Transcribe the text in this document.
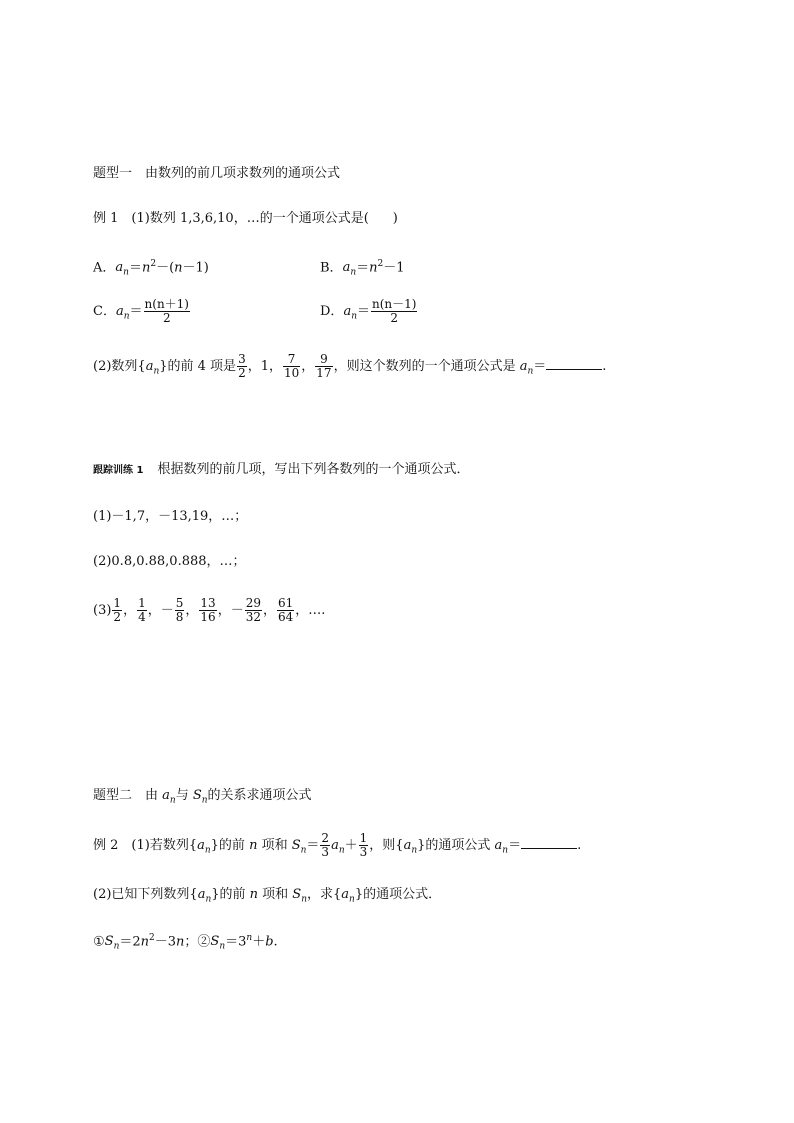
题型一　由数列的前几项求数列的通项公式
例 1　(1)数列 1,3,6,10，…的一个通项公式是( )
A．$a_n=n^2-(n-1)$	B．$a_n=n^2-1$
C．$a_n= \frac{n(n+1)}{2}$	D．$a_n= \frac{n(n-1)}{2}$
(2)数列$\{a_n\}$的前 4 项是 $\frac{3}{2}$ ，1， $\frac{7}{10}$ ， $\frac{9}{17}$ ，则这个数列的一个通项公式是 $a_n=$	.
跟踪训练 1 根据数列的前几项，写出下列各数列的一个通项公式．
(1)－1,7，－13,19，…；
(2)0.8,0.88,0.888，…；
$(3) \frac{1}{2}$ ， $\frac{1}{4}$ ，－ $\frac{5}{8}$ ， $\frac{13}{16}$ ，－ $\frac{29}{32}$ ， $\frac{61}{64}$ ，….
题型二　由 $a_n$与 $S_n$的关系求通项公式
例 2　(1)若数列$\{a_n\}$的前 n 项和 $S_n= \frac{2}{3} a_n+ \frac{1}{3}$ ，则$\{a_n\}$的通项公式 $a_n=$	.
(2)已知下列数列$\{a_n\}$的前 n 项和 $S_n$，求$\{a_n\}$的通项公式．
$①S_n=2n^2-3n$；$②S_n=3^n+b$.
